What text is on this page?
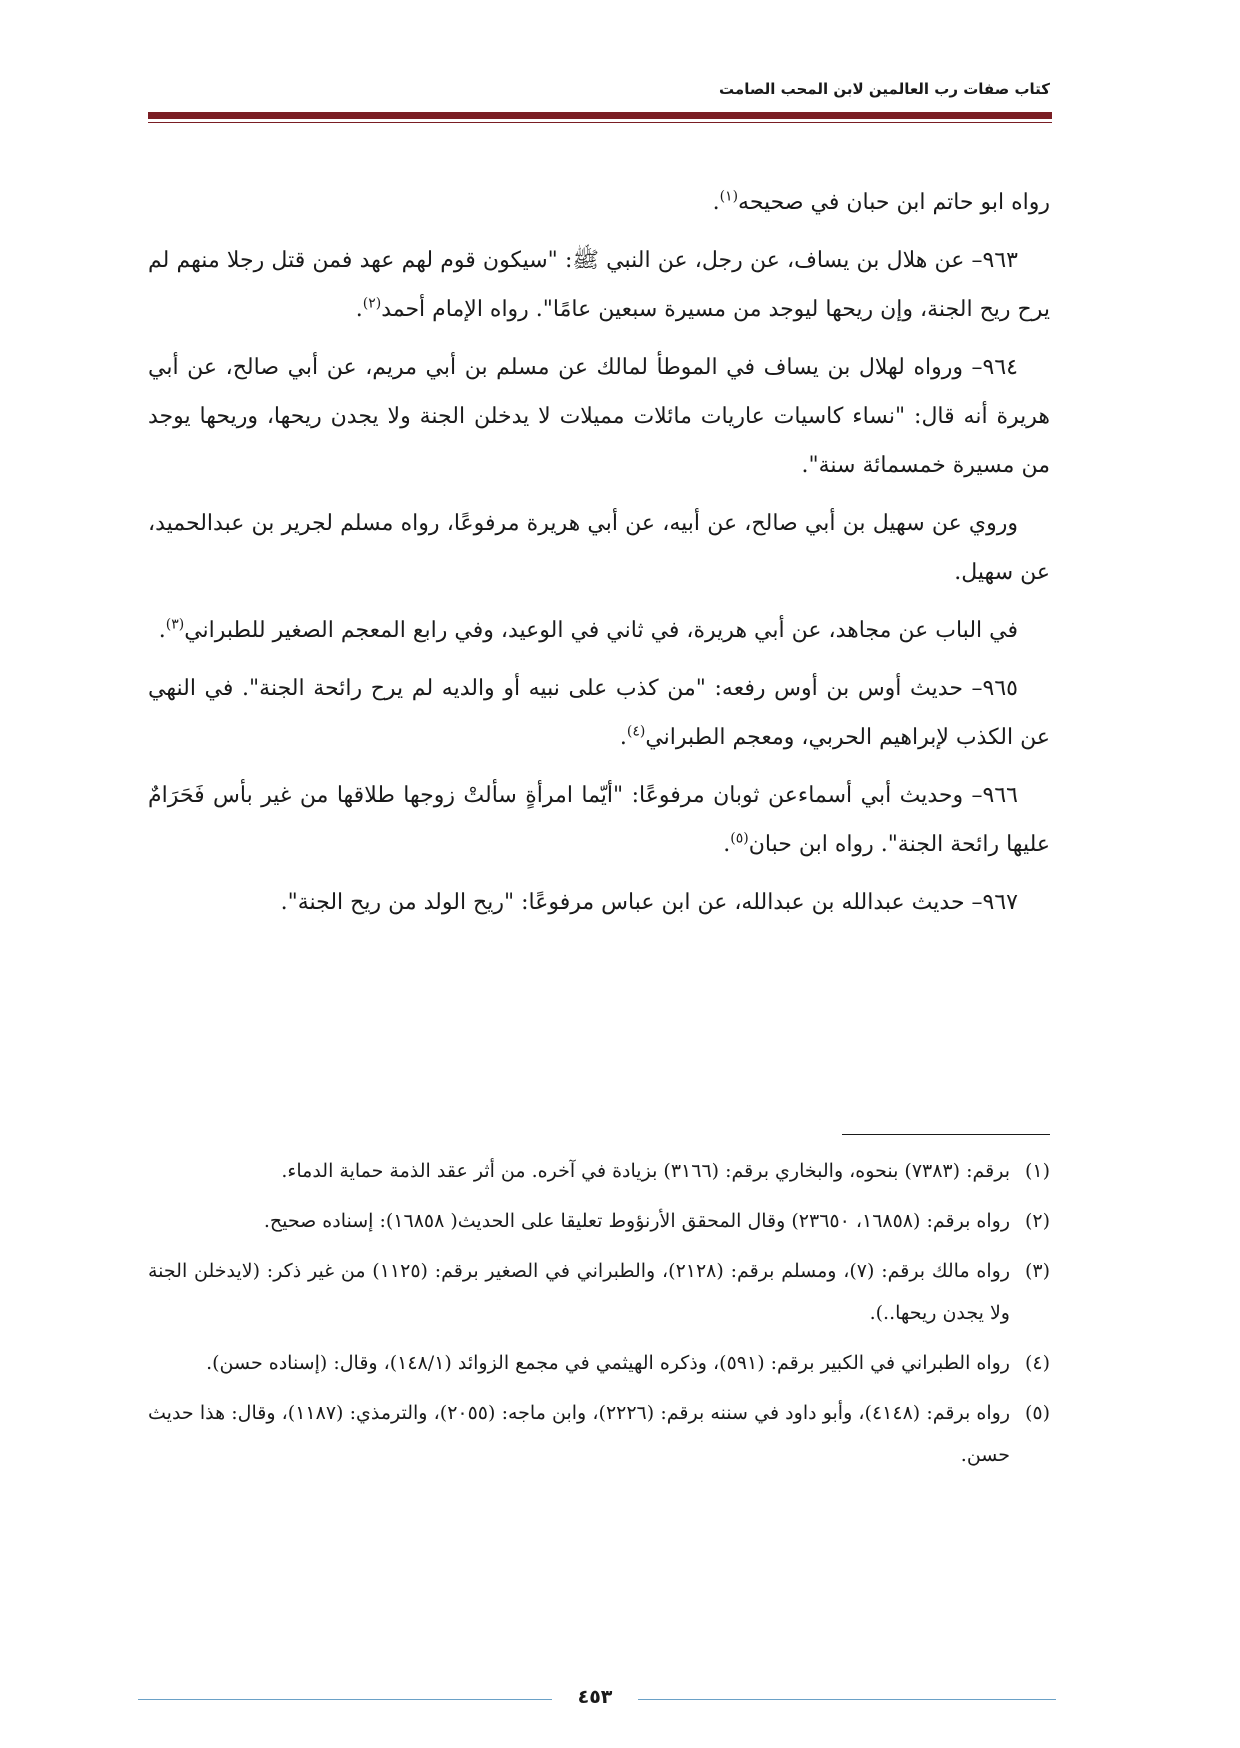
كتاب صفات رب العالمين لابن المحب الصامت

رواه ابو حاتم ابن حبان في صحيحه$^{(١)}$.

٩٦٣– عن هلال بن يساف، عن رجل، عن النبي ﷺ: "سيكون قوم لهم عهد فمن قتل رجلا منهم لم يرح ريح الجنة، وإن ريحها ليوجد من مسيرة سبعين عامًا". رواه الإمام أحمد$^{(٢)}$.

٩٦٤– ورواه لهلال بن يساف في الموطأ لمالك عن مسلم بن أبي مريم، عن أبي صالح، عن أبي هريرة أنه قال: "نساء كاسيات عاريات مائلات مميلات لا يدخلن الجنة ولا يجدن ريحها، وريحها يوجد من مسيرة خمسمائة سنة".

وروي عن سهيل بن أبي صالح، عن أبيه، عن أبي هريرة مرفوعًا، رواه مسلم لجرير بن عبدالحميد، عن سهيل.

في الباب عن مجاهد، عن أبي هريرة، في ثاني في الوعيد، وفي رابع المعجم الصغير للطبراني$^{(٣)}$.

٩٦٥– حديث أوس بن أوس رفعه: "من كذب على نبيه أو والديه لم يرح رائحة الجنة". في النهي عن الكذب لإبراهيم الحربي، ومعجم الطبراني$^{(٤)}$.

٩٦٦– وحديث أبي أسماءعن ثوبان مرفوعًا: "أيّما امرأةٍ سألتْ زوجها طلاقها من غير بأس فَحَرَامٌ عليها رائحة الجنة". رواه ابن حبان$^{(٥)}$.

٩٦٧– حديث عبدالله بن عبدالله، عن ابن عباس مرفوعًا: "ريح الولد من ريح الجنة".

(١)برقم: (٧٣٨٣) بنحوه، والبخاري برقم: (٣١٦٦) بزيادة في آخره. من أثر عقد الذمة حماية الدماء.
(٢)رواه برقم: (١٦٨٥٨، ٢٣٦٥٠) وقال المحقق الأرنؤوط تعليقا على الحديث( ١٦٨٥٨): إسناده صحيح.
(٣)رواه مالك برقم: (٧)، ومسلم برقم: (٢١٢٨)، والطبراني في الصغير برقم: (١١٢٥) من غير ذكر: (لايدخلن الجنة ولا يجدن ريحها..).
(٤)رواه الطبراني في الكبير برقم: (٥٩١)، وذكره الهيثمي في مجمع الزوائد (١٤٨/١)، وقال: (إسناده حسن).
(٥)رواه برقم: (٤١٤٨)، وأبو داود في سننه برقم: (٢٢٢٦)، وابن ماجه: (٢٠٥٥)، والترمذي: (١١٨٧)، وقال: هذا حديث حسن.
٤٥٣
